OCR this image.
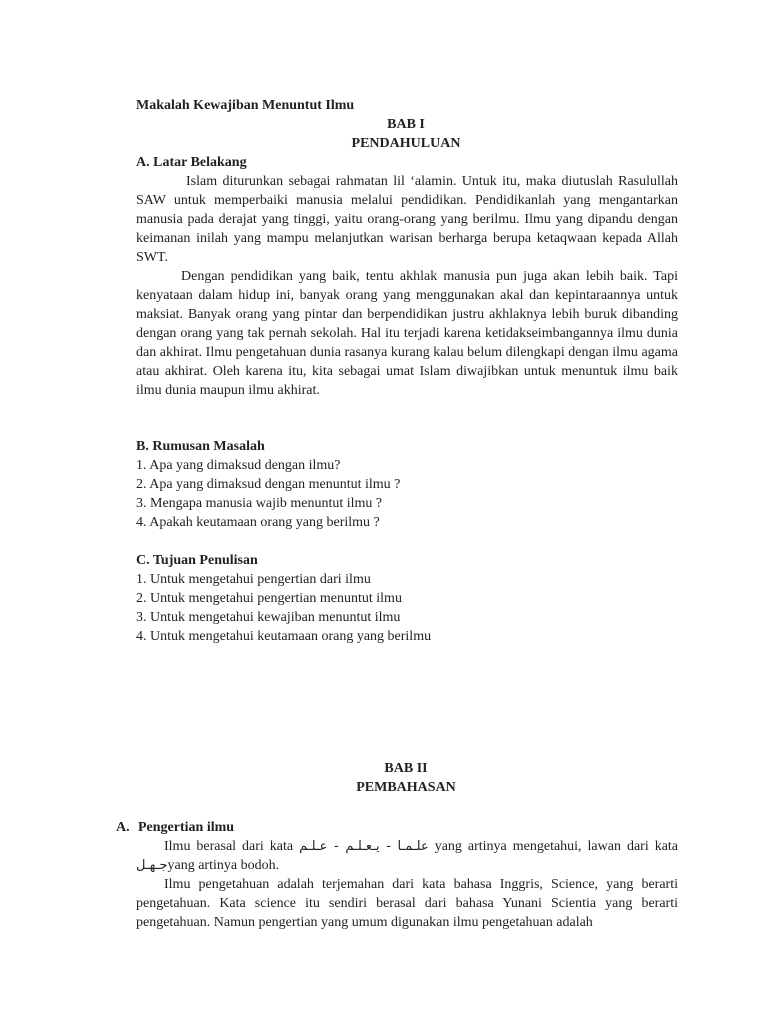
Makalah Kewajiban Menuntut Ilmu
BAB I
PENDAHULUAN

A. Latar Belakang

Islam diturunkan sebagai rahmatan lil ‘alamin. Untuk itu, maka diutuslah Rasulullah SAW untuk memperbaiki manusia melalui pendidikan. Pendidikanlah yang mengantarkan manusia pada derajat yang tinggi, yaitu orang-orang yang berilmu. Ilmu yang dipandu dengan keimanan inilah yang mampu melanjutkan warisan berharga berupa ketaqwaan kepada Allah SWT.

Dengan pendidikan yang baik, tentu akhlak manusia pun juga akan lebih baik. Tapi kenyataan dalam hidup ini, banyak orang yang menggunakan akal dan kepintaraannya untuk maksiat. Banyak orang yang pintar dan berpendidikan justru akhlaknya lebih buruk dibanding dengan orang yang tak pernah sekolah. Hal itu terjadi karena ketidakseimbangannya ilmu dunia dan akhirat. Ilmu pengetahuan dunia rasanya kurang kalau belum dilengkapi dengan ilmu agama atau akhirat. Oleh karena itu, kita sebagai umat Islam diwajibkan untuk menuntuk ilmu baik ilmu dunia maupun ilmu akhirat.

B. Rumusan Masalah

1. Apa yang dimaksud dengan ilmu?
2. Apa yang dimaksud dengan menuntut ilmu ?
3. Mengapa manusia wajib menuntut ilmu ?
4. Apakah keutamaan orang yang berilmu ?

C. Tujuan Penulisan

1. Untuk mengetahui pengertian dari ilmu
2. Untuk mengetahui pengertian menuntut ilmu
3. Untuk mengetahui kewajiban menuntut ilmu
4. Untuk mengetahui keutamaan orang yang berilmu
BAB II
PEMBAHASAN
A. Pengertian ilmu

Ilmu berasal dari kata علـمـا - يـعـلـم - عـلـم yang artinya mengetahui, lawan dari kata جـهـلyang artinya bodoh.

Ilmu pengetahuan adalah terjemahan dari kata bahasa Inggris, Science, yang berarti pengetahuan. Kata science itu sendiri berasal dari bahasa Yunani Scientia yang berarti pengetahuan. Namun pengertian yang umum digunakan ilmu pengetahuan adalah
